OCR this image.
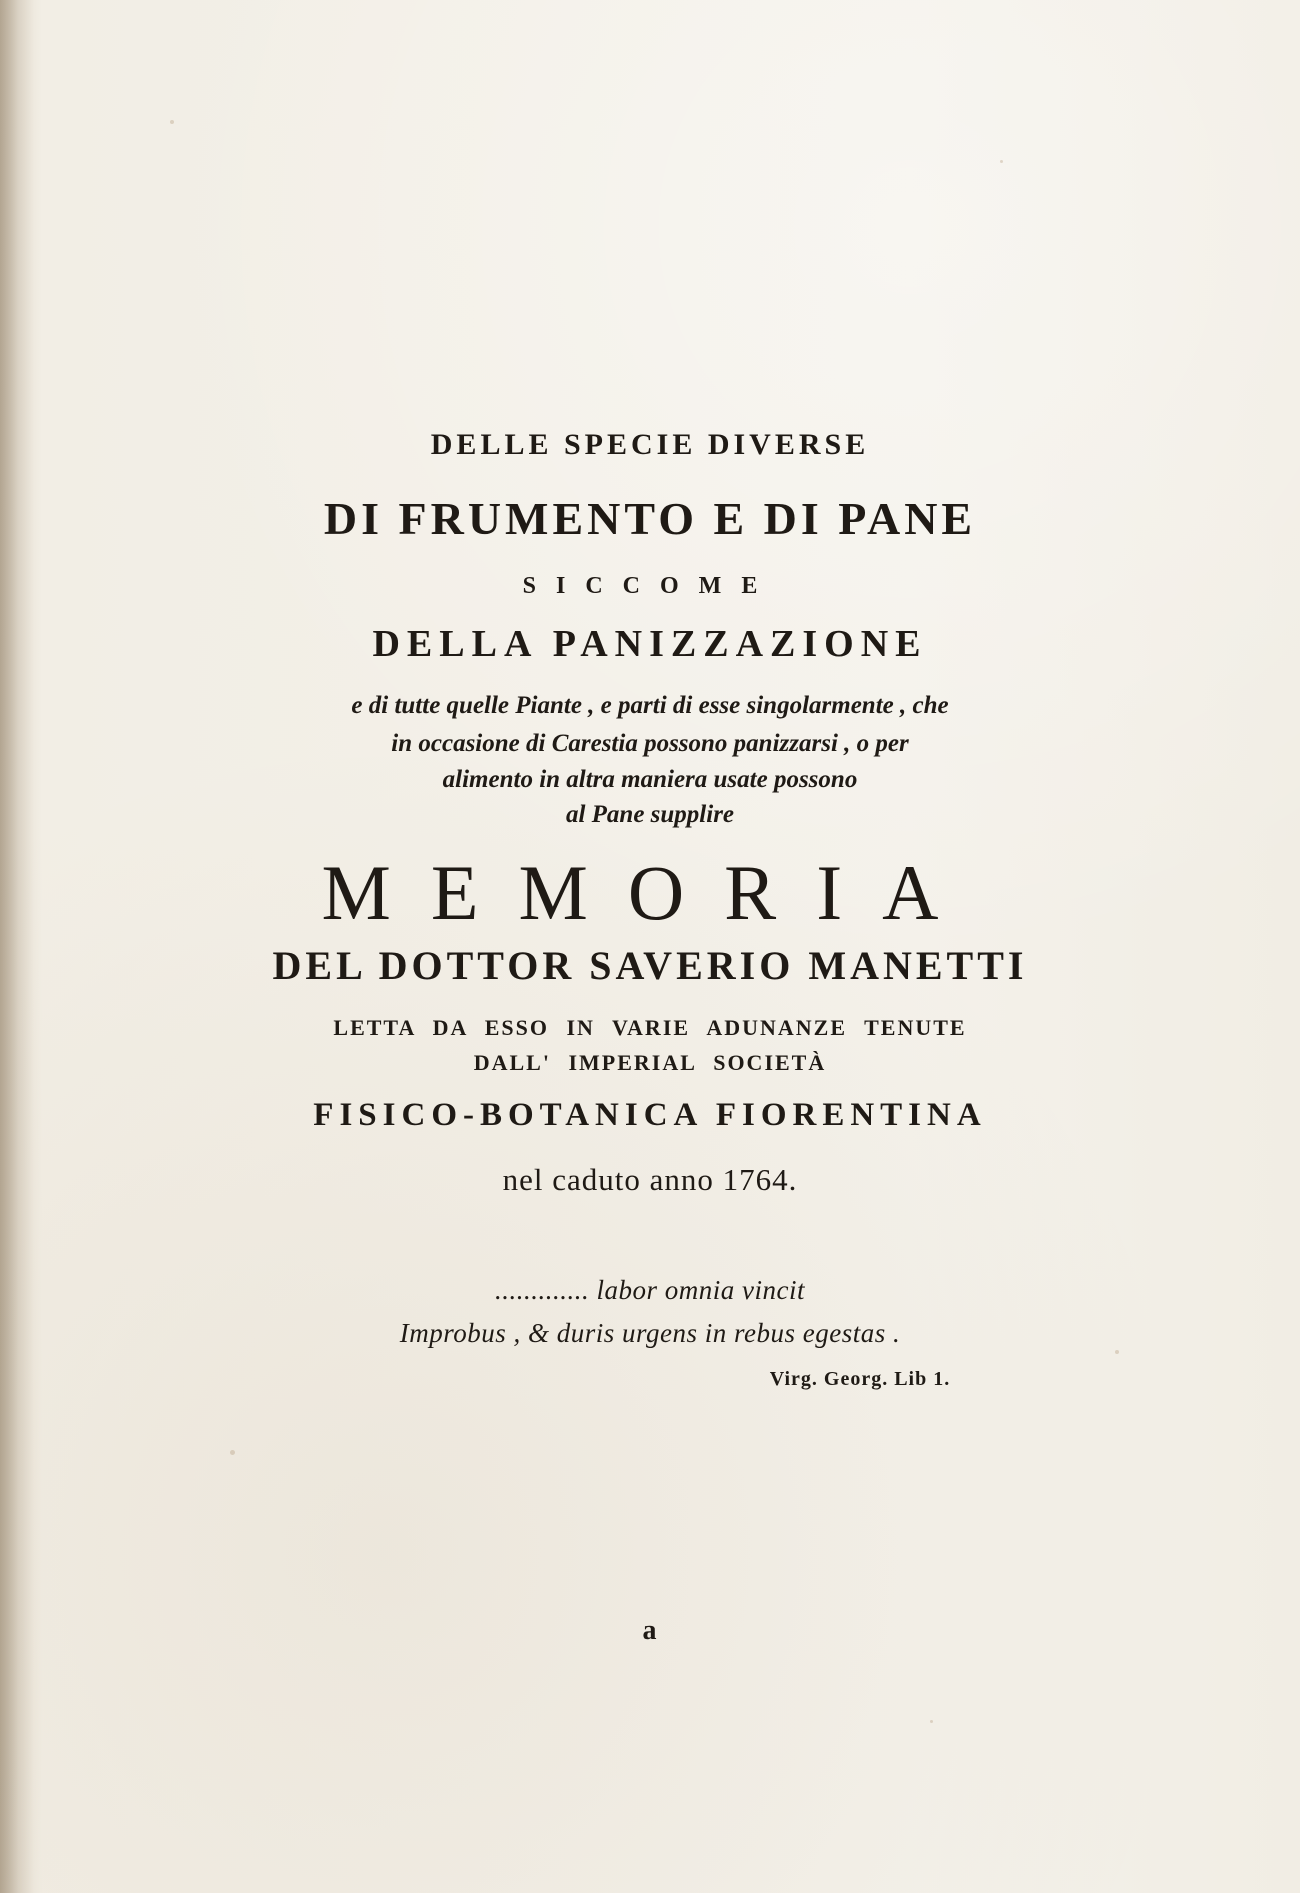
DELLE SPECIE DIVERSE
DI FRUMENTO E DI PANE
SICCOME
DELLA PANIZZAZIONE
e di tutte quelle Piante , e parti di esse singolarmente , che
in occasione di Carestia possono panizzarsi , o per
alimento in altra maniera usate possono
al Pane supplire
MEMORIA
DEL DOTTOR SAVERIO MANETTI
LETTA DA ESSO IN VARIE ADUNANZE TENUTE
DALL' IMPERIAL SOCIETÀ
FISICO-BOTANICA FIORENTINA
nel caduto anno 1764.
............. labor omnia vincit
Improbus , & duris urgens in rebus egestas .
Virg. Georg. Lib 1.
a
